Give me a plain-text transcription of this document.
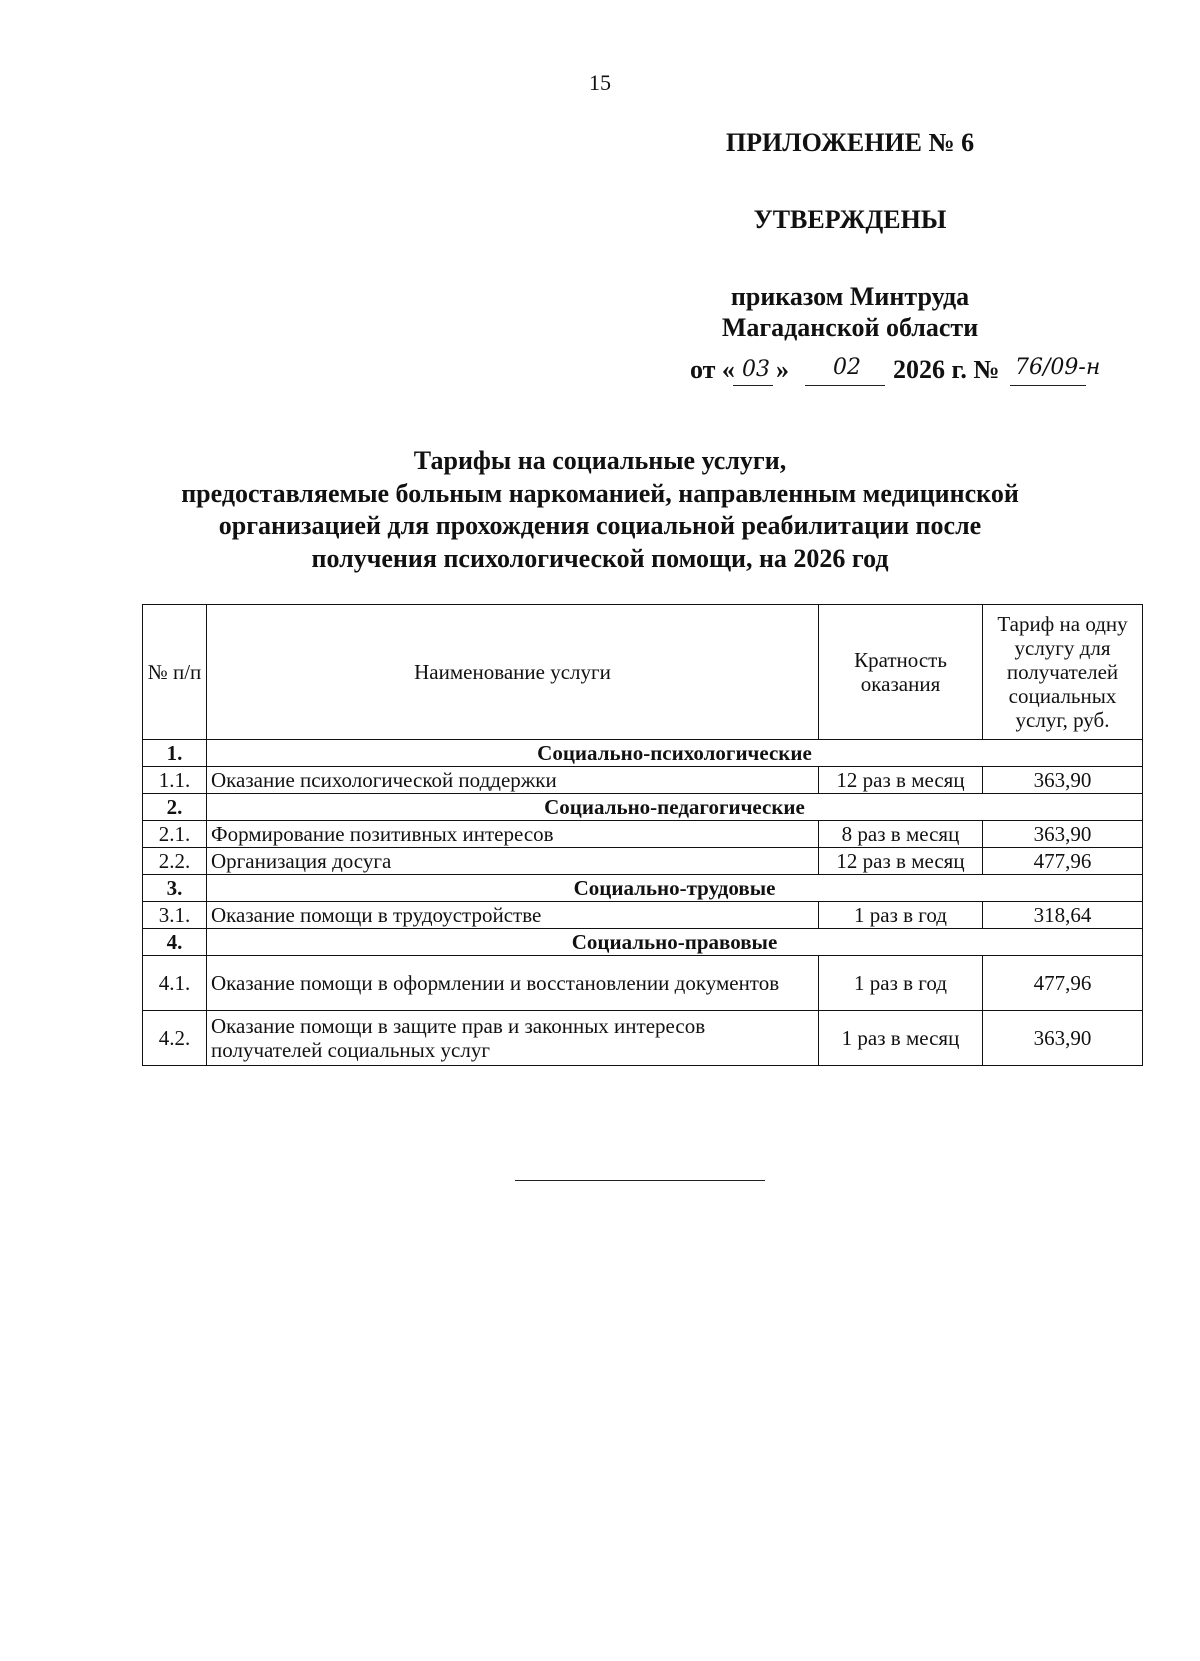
15
ПРИЛОЖЕНИЕ № 6
УТВЕРЖДЕНЫ
приказом Минтруда
Магаданской области
от « 03 » 02 2026 г. № 76/09-н
Тарифы на социальные услуги,
предоставляемые больным наркоманией, направленным медицинской
организацией для прохождения социальной реабилитации после
получения психологической помощи, на 2026 год
№ п/п	Наименование услуги	Кратность оказания	Тариф на одну услугу для получателей социальных услуг, руб.
1.	Социально-психологические		
1.1.	Оказание психологической поддержки	12 раз в месяц	363,90
2.	Социально-педагогические		
2.1.	Формирование позитивных интересов	8 раз в месяц	363,90
2.2.	Организация досуга	12 раз в месяц	477,96
3.	Социально-трудовые		
3.1.	Оказание помощи в трудоустройстве	1 раз в год	318,64
4.	Социально-правовые		
4.1.	Оказание помощи в оформлении и восстановлении документов	1 раз в год	477,96
4.2.	Оказание помощи в защите прав и законных интересов получателей социальных услуг	1 раз в месяц	363,90
